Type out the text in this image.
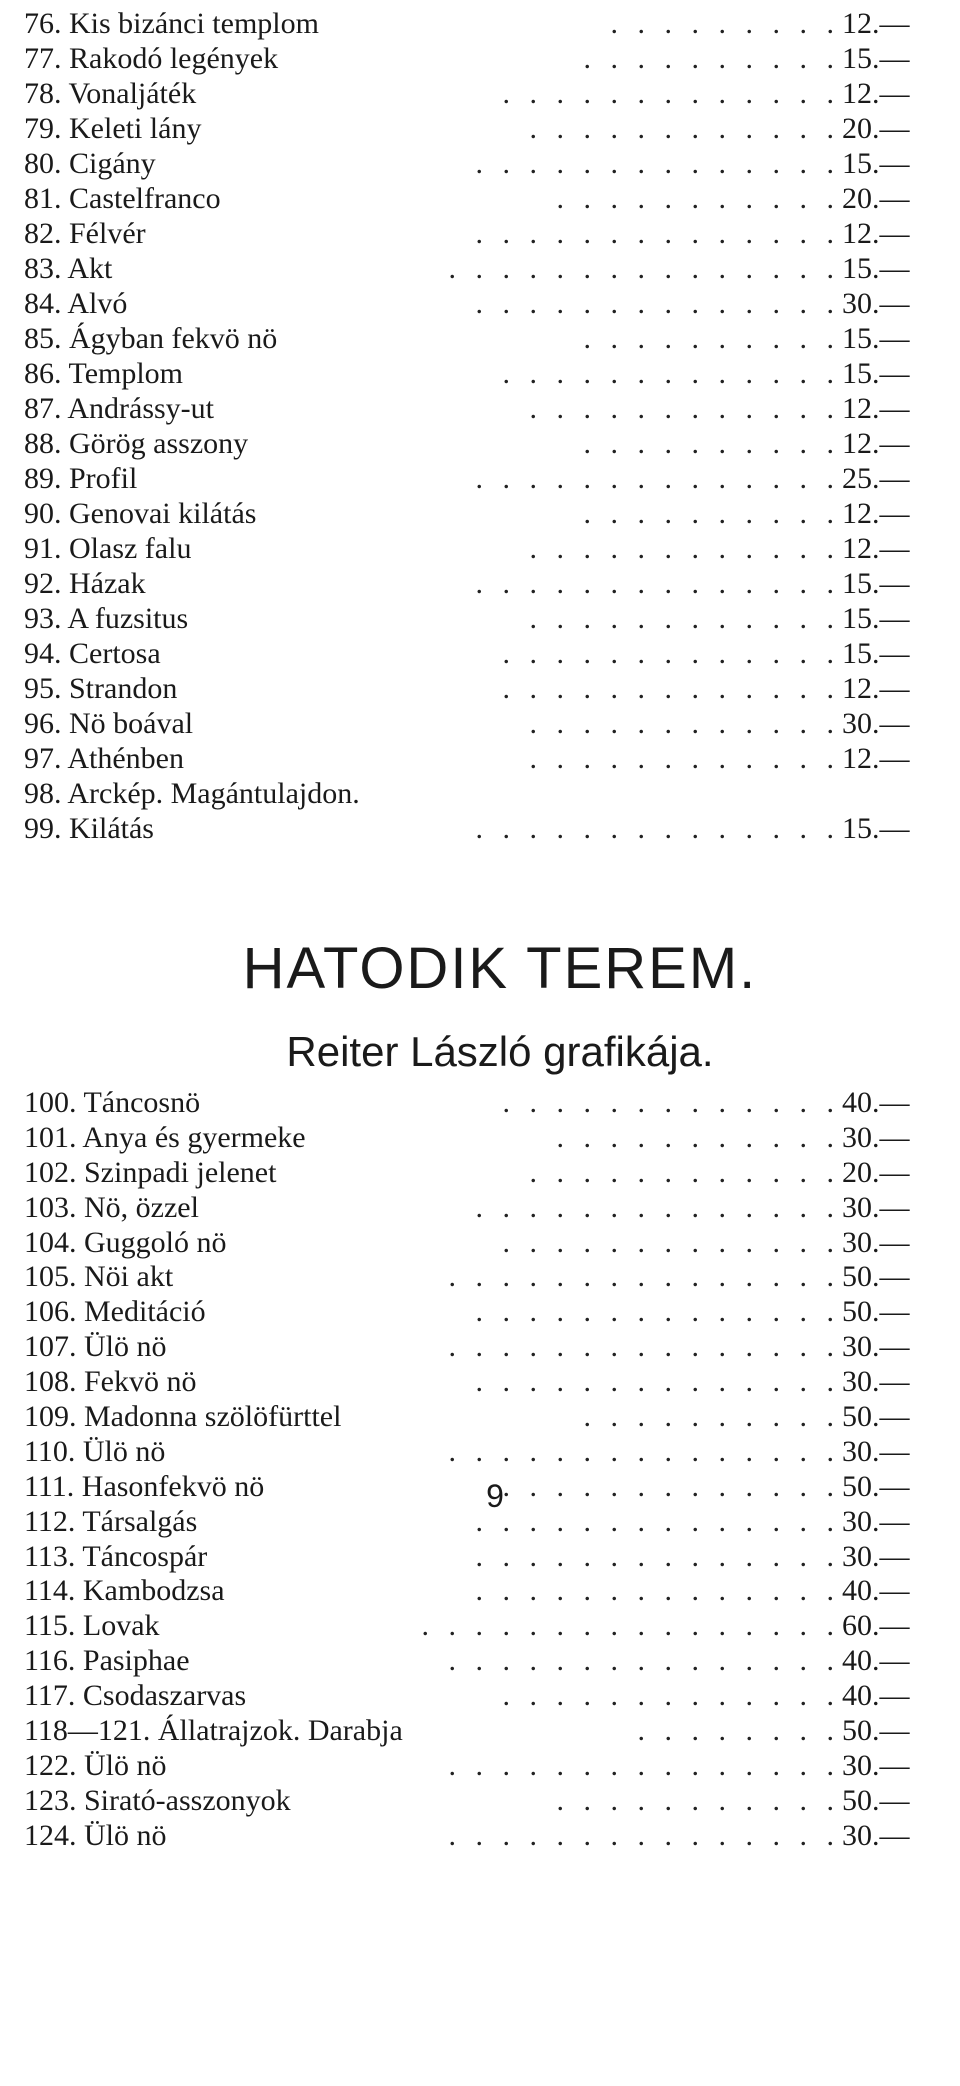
76. Kis bizánci templom	. . . . . . . . . 12.—
77. Rakodó legények	. . . . . . . . . . 15.—
78. Vonaljáték	. . . . . . . . . . . . . 12.—
79. Keleti lány	. . . . . . . . . . . . 20.—
80. Cigány	. . . . . . . . . . . . . . 15.—
81. Castelfranco	. . . . . . . . . . . 20.—
82. Félvér	. . . . . . . . . . . . . . 12.—
83. Akt	. . . . . . . . . . . . . . . 15.—
84. Alvó	. . . . . . . . . . . . . . 30.—
85. Ágyban fekvö nö	. . . . . . . . . . 15.—
86. Templom	. . . . . . . . . . . . . 15.—
87. Andrássy-ut	. . . . . . . . . . . . 12.—
88. Görög asszony	. . . . . . . . . . 12.—
89. Profil	. . . . . . . . . . . . . . 25.—
90. Genovai kilátás	. . . . . . . . . . 12.—
91. Olasz falu	. . . . . . . . . . . . 12.—
92. Házak	. . . . . . . . . . . . . . 15.—
93. A fuzsitus	. . . . . . . . . . . . 15.—
94. Certosa	. . . . . . . . . . . . . 15.—
95. Strandon	. . . . . . . . . . . . . 12.—
96. Nö boával	. . . . . . . . . . . . 30.—
97. Athénben	. . . . . . . . . . . . 12.—
98. Arckép. Magántulajdon.
99. Kilátás	. . . . . . . . . . . . . . 15.—
HATODIK TEREM.
Reiter László grafikája.
100. Táncosnö	. . . . . . . . . . . . . 40.—
101. Anya és gyermeke	. . . . . . . . . . . 30.—
102. Szinpadi jelenet	. . . . . . . . . . . . 20.—
103. Nö, özzel	. . . . . . . . . . . . . . 30.—
104. Guggoló nö	. . . . . . . . . . . . . 30.—
105. Nöi akt	. . . . . . . . . . . . . . . 50.—
106. Meditáció	. . . . . . . . . . . . . . 50.—
107. Ülö nö	. . . . . . . . . . . . . . . 30.—
108. Fekvö nö	. . . . . . . . . . . . . . 30.—
109. Madonna szölöfürttel	. . . . . . . . . . 50.—
110. Ülö nö	. . . . . . . . . . . . . . . 30.—
111. Hasonfekvö nö	. . . . . . . . . . . . . 50.—
112. Társalgás	. . . . . . . . . . . . . . 30.—
113. Táncospár	. . . . . . . . . . . . . . 30.—
114. Kambodzsa	. . . . . . . . . . . . . . 40.—
115. Lovak	. . . . . . . . . . . . . . . . 60.—
116. Pasiphae	. . . . . . . . . . . . . . . 40.—
117. Csodaszarvas	. . . . . . . . . . . . . 40.—
118—121. Állatrajzok. Darabja	. . . . . . . . 50.—
122. Ülö nö	. . . . . . . . . . . . . . . 30.—
123. Sirató-asszonyok	. . . . . . . . . . . 50.—
124. Ülö nö	. . . . . . . . . . . . . . . 30.—
9
